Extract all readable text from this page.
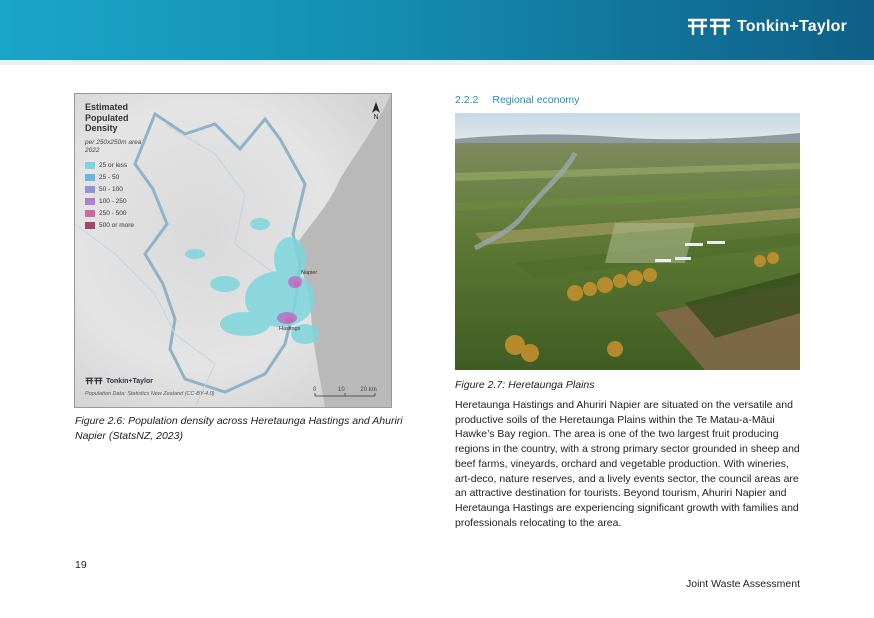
Tonkin+Taylor
Napier
Hastings
Estimated
Populated
Density
per 250x250m area
2022
25 or less
25 - 50
50 - 100
100 - 250
250 - 500
500 or more
N
Tonkin+Taylor
Population Data: Statistics New Zealand (CC-BY-4.0)
0	10	20 km
Figure 2.6: Population density across Heretaunga Hastings and Ahuriri Napier (StatsNZ, 2023)
2.2.2 Regional economy
Figure 2.7: Heretaunga Plains
Heretaunga Hastings and Ahuriri Napier are situated on the versatile and productive soils of the Heretaunga Plains within the Te Matau-a-Māui Hawke’s Bay region. The area is one of the two largest fruit producing regions in the country, with a strong primary sector grounded in sheep and beef farms, vineyards, orchard and vegetable production. With wineries, art-deco, nature reserves, and a lively events sector, the council areas are an attractive destination for tourists. Beyond tourism, Ahuriri Napier and Heretaunga Hastings are experiencing significant growth with families and professionals relocating to the area.
19
Joint Waste Assessment
